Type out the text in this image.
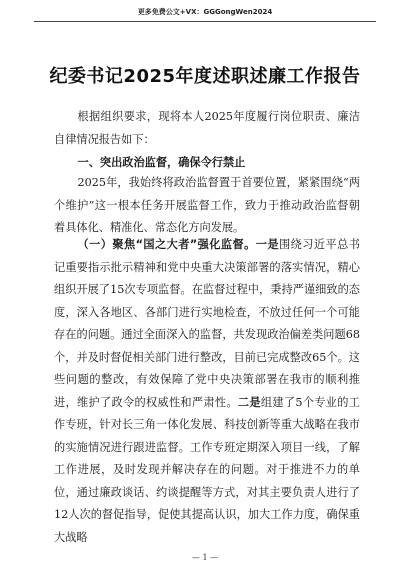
更多免费公文+VX：GGGongWen2024
纪委书记2025年度述职述廉工作报告

根据组织要求，现将本人2025年度履行岗位职责、廉洁自律情况报告如下：

一、突出政治监督，确保令行禁止

2025年，我始终将政治监督置于首要位置，紧紧围绕“两个维护”这一根本任务开展监督工作，致力于推动政治监督朝着具体化、精准化、常态化方向发展。

（一）聚焦“国之大者”强化监督。一是围绕习近平总书记重要指示批示精神和党中央重大决策部署的落实情况，精心组织开展了15次专项监督。在监督过程中，秉持严谨细致的态度，深入各地区、各部门进行实地检查，不放过任何一个可能存在的问题。通过全面深入的监督，共发现政治偏差类问题68个，并及时督促相关部门进行整改，目前已完成整改65个。这些问题的整改，有效保障了党中央决策部署在我市的顺利推进，维护了政令的权威性和严肃性。二是组建了5个专业的工作专班，针对长三角一体化发展、科技创新等重大战略在我市的实施情况进行跟进监督。工作专班定期深入项目一线，了解工作进展，及时发现并解决存在的问题。对于推进不力的单位，通过廉政谈话、约谈提醒等方式，对其主要负责人进行了12人次的督促指导，促使其提高认识，加大工作力度，确保重大战略

— 1 —
